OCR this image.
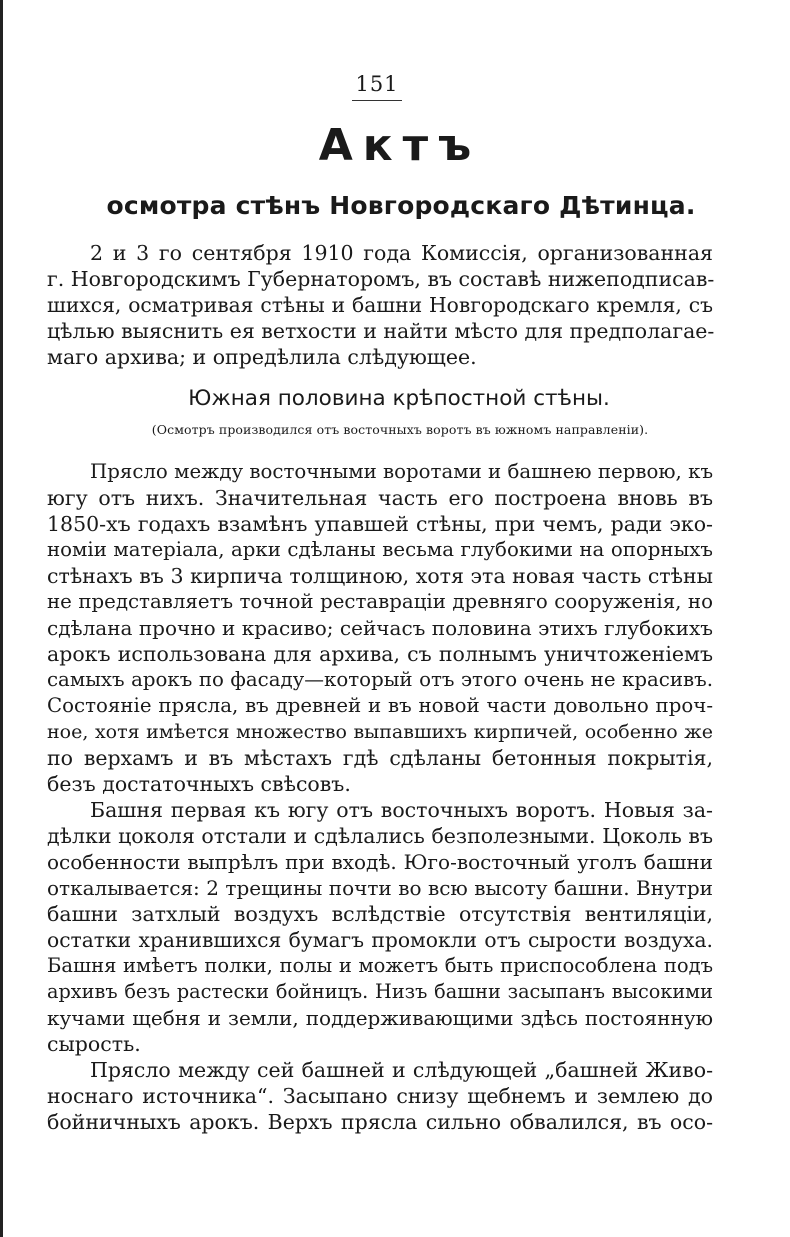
151
Актъ
осмотра стѣнъ Новгородскаго Дѣтинца.
2 и 3 го сентября 1910 года Комиссія, организованная
г. Новгородскимъ Губернаторомъ, въ составѣ нижеподписав-
шихся, осматривая стѣны и башни Новгородскаго кремля, съ
цѣлью выяснить ея ветхости и найти мѣсто для предполагае-
маго архива; и опредѣлила слѣдующее.
Южная половина крѣпостной стѣны.
(Осмотръ производился отъ восточныхъ воротъ въ южномъ направленіи).
Прясло между восточными воротами и башнею первою, къ
югу отъ нихъ. Значительная часть его построена вновь въ
1850-хъ годахъ взамѣнъ упавшей стѣны, при чемъ, ради эко-
номіи матеріала, арки сдѣланы весьма глубокими на опорныхъ
стѣнахъ въ 3 кирпича толщиною, хотя эта новая часть стѣны
не представляетъ точной реставраціи древняго сооруженія, но
сдѣлана прочно и красиво; сейчасъ половина этихъ глубокихъ
арокъ использована для архива, съ полнымъ уничтоженіемъ
самыхъ арокъ по фасаду—который отъ этого очень не красивъ.
Состояніе прясла, въ древней и въ новой части довольно проч-
ное, хотя имѣется множество выпавшихъ кирпичей, особенно же
по верхамъ и въ мѣстахъ гдѣ сдѣланы бетонныя покрытія,
безъ достаточныхъ свѣсовъ.
Башня первая къ югу отъ восточныхъ воротъ. Новыя за-
дѣлки цоколя отстали и сдѣлались безполезными. Цоколь въ
особенности выпрѣлъ при входѣ. Юго-восточный уголъ башни
откалывается: 2 трещины почти во всю высоту башни. Внутри
башни затхлый воздухъ вслѣдствіе отсутствія вентиляціи,
остатки хранившихся бумагъ промокли отъ сырости воздуха.
Башня имѣетъ полки, полы и можетъ быть приспособлена подъ
архивъ безъ растески бойницъ. Низъ башни засыпанъ высокими
кучами щебня и земли, поддерживающими здѣсь постоянную
сырость.
Прясло между сей башней и слѣдующей „башней Живо-
носнаго источника“. Засыпано снизу щебнемъ и землею до
бойничныхъ арокъ. Верхъ прясла сильно обвалился, въ осо-
